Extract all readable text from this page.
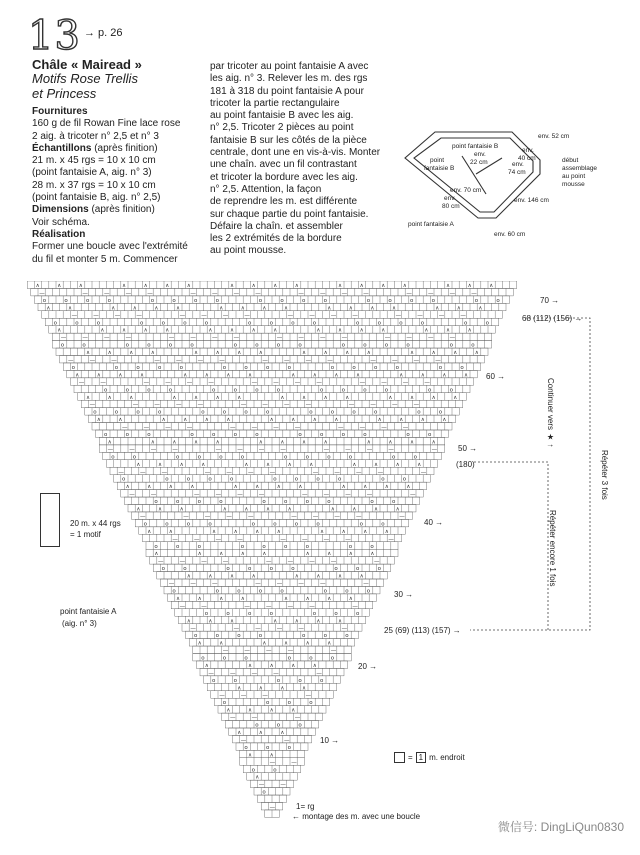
13 → p. 26
Châle « Mairead »
Motifs Rose Trellis
et Princess
Fournitures
160 g de fil Rowan Fine lace rose
2 aig. à tricoter n° 2,5 et n° 3
Échantillons (après finition)
21 m. x 45 rgs = 10 x 10 cm
(point fantaisie A, aig. n° 3)
28 m. x 37 rgs = 10 x 10 cm
(point fantaisie B, aig. n° 2,5)
Dimensions (après finition)
Voir schéma.
Réalisation
Former une boucle avec l'extrémité
du fil et monter 5 m. Commencer
par tricoter au point fantaisie A avec
les aig. n° 3. Relever les m. des rgs
181 à 318 du point fantaisie A pour
tricoter la partie rectangulaire
au point fantaisie B avec les aig.
n° 2,5. Tricoter 2 pièces au point
fantaisie B sur les côtés de la pièce
centrale, dont une en vis-à-vis. Monter
une chaîn. avec un fil contrastant
et tricoter la bordure avec les aig.
n° 2,5. Attention, la façon
de reprendre les m. est différente
sur chaque partie du point fantaisie.
Défaire la chaîn. et assembler
les 2 extrémités de la bordure
au point mousse.
point fantaisie B
point
fantaisie B
point fantaisie A
env. 52 cm
env.
40 cm
env.
22 cm	env.
74 cm
env. 70 cm
env.
80 cm
env. 146 cm
env. 60 cm
début
assemblage
au point
mousse
∧	∧	∧	∧	∧	∧	∧	∧	∧	∧	∧	∧	∧	∧	∧	∧	∧	∧
—	—	—	—	—	—	—	—	—	—	—	—	—	—	—	—	—
o	o	o	o	o	o	o	o	o	o	o	o	o	o	o	o	o	o
∧	∧	∧	∧	∧	∧	∧	∧	∧	∧	∧	∧	∧	∧	∧	∧	∧
—	—	—	—	—	—	—	—	—	—	—	—	—	—	—	—
o	o	o	o	o	o	o	o	o	o	o	o	o	o	o	o	o
∧	∧	∧	∧	∧	∧	∧	∧	∧	∧	∧	∧	∧	∧	∧	∧
—	—	—	—	—	—	—	—	—	—	—	—	—	—	—	—
o	o	o	o	o	o	o	o	o	o	o	o	o	o	o	o
∧	∧	∧	∧	∧	∧	∧	∧	∧	∧	∧	∧	∧	∧	∧	∧
—	—	—	—	—	—	—	—	—	—	—	—	—	—	—
o	o	o	o	o	o	o	o	o	o	o	o	o	o	o
∧	∧	∧	∧	∧	∧	∧	∧	∧	∧	∧	∧	∧	∧	∧	∧
—	—	—	—	—	—	—	—	—	—	—	—	—	—
o	o	o	o	o	o	o	o	o	o	o	o	o	o
∧	∧	∧	∧	∧	∧	∧	∧	∧	∧	∧	∧	∧	∧	∧
—	—	—	—	—	—	—	—	—	—	—	—	—
o	o	o	o	o	o	o	o	o	o	o	o	o	o
∧	∧	∧	∧	∧	∧	∧	∧	∧	∧	∧	∧	∧	∧
—	—	—	—	—	—	—	—	—	—	—	—
o	o	o	o	o	o	o	o	o	o	o	o	o
∧	∧	∧	∧	∧	∧	∧	∧	∧	∧	∧	∧	∧
—	—	—	—	—	—	—	—	—	—	—	—	—
o	o	o	o	o	o	o	o	o	o	o	o
∧	∧	∧	∧	∧	∧	∧	∧	∧	∧	∧	∧
—	—	—	—	—	—	—	—	—	—	—	—
o	o	o	o	o	o	o	o	o	o	o
∧	∧	∧	∧	∧	∧	∧	∧	∧	∧	∧	∧
—	—	—	—	—	—	—	—	—	—	—
o	o	o	o	o	o	o	o	o	o
∧	∧	∧	∧	∧	∧	∧	∧	∧	∧	∧
—	—	—	—	—	—	—	—	—	—
o	o	o	o	o	o	o	o	o	o
∧	∧	∧	∧	∧	∧	∧	∧	∧	∧
—	—	—	—	—	—	—	—	—
o	o	o	o	o	o	o	o	o
∧	∧	∧	∧	∧	∧	∧	∧	∧
—	—	—	—	—	—	—	—	—
o	o	o	o	o	o	o	o	o
∧	∧	∧	∧	∧	∧	∧	∧
—	—	—	—	—	—	—	—
o	o	o	o	o	o	o	o
∧	∧	∧	∧	∧	∧	∧	∧
—	—	—	—	—	—	—
o	o	o	o	o	o	o
∧	∧	∧	∧	∧	∧	∧
—	—	—	—	—	—
o	o	o	o	o	o	o
∧	∧	∧	∧	∧	∧
—	—	—	—	—
o	o	o	o	o	o
∧	∧	∧	∧	∧
—	—	—	—	—
o	o	o	o	o
∧	∧	∧	∧
—	—	—	—
o	o	o	o
∧	∧	∧	∧
—	—	—
o	o	o
∧	∧	∧
—	—
o	o	o
∧	∧
—	—
o	o
∧
—	—
o
—
70 →
68 (112) (156) →
60 →
50 →
(180)
40 →
30 →
25 (69) (113) (157) →
20 →
10 →
1= rg
← montage des m. avec une boucle
Continuer vers ★ ↑
Répéter encore 1 fois
Répéter 3 fois
20 m. x 44 rgs
= 1 motif
point fantaisie A
(aig. n° 3)
= 1 m. endroit
微信号: DingLiQun0830
